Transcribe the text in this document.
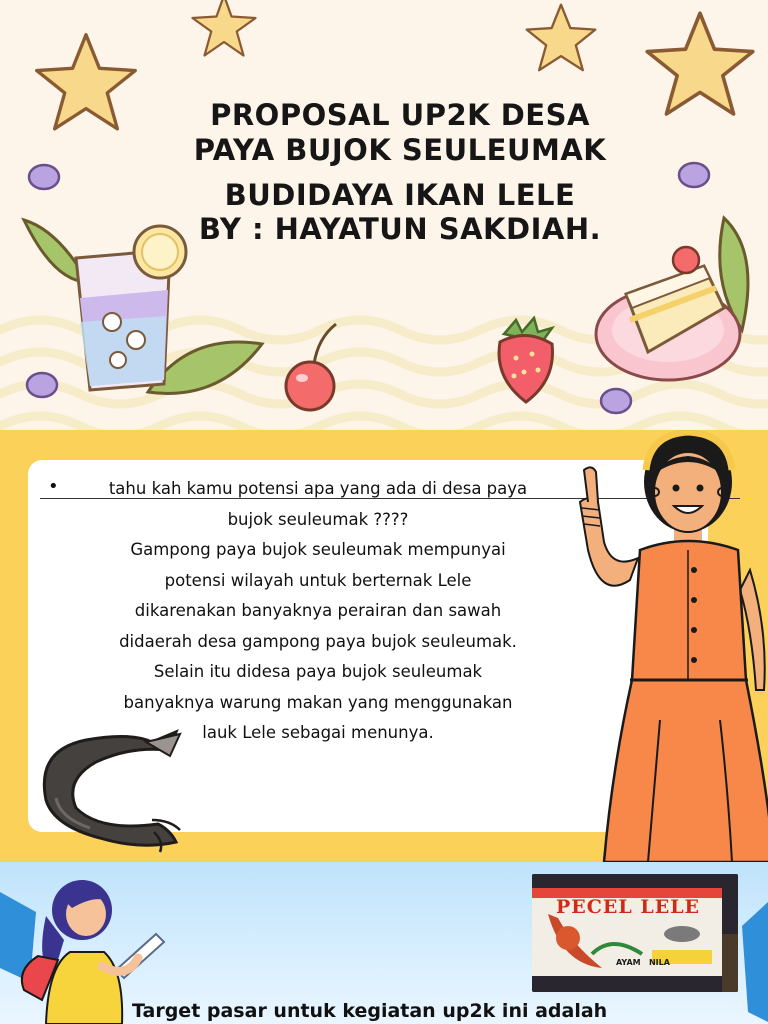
PROPOSAL UP2K DESA
PAYA BUJOK SEULEUMAK
BUDIDAYA IKAN LELE
BY : HAYATUN SAKDIAH.
•	tahu kah kamu potensi apa yang ada di desa paya
bujok seuleumak ????
Gampong paya bujok seuleumak mempunyai
potensi wilayah untuk berternak Lele
dikarenakan banyaknya perairan dan sawah
didaerah desa gampong paya bujok seuleumak.
Selain itu didesa paya bujok seuleumak
banyaknya warung makan yang menggunakan
lauk Lele sebagai menunya.
PECEL LELE
AYAM   NILA
Target pasar untuk kegiatan up2k ini adalah
